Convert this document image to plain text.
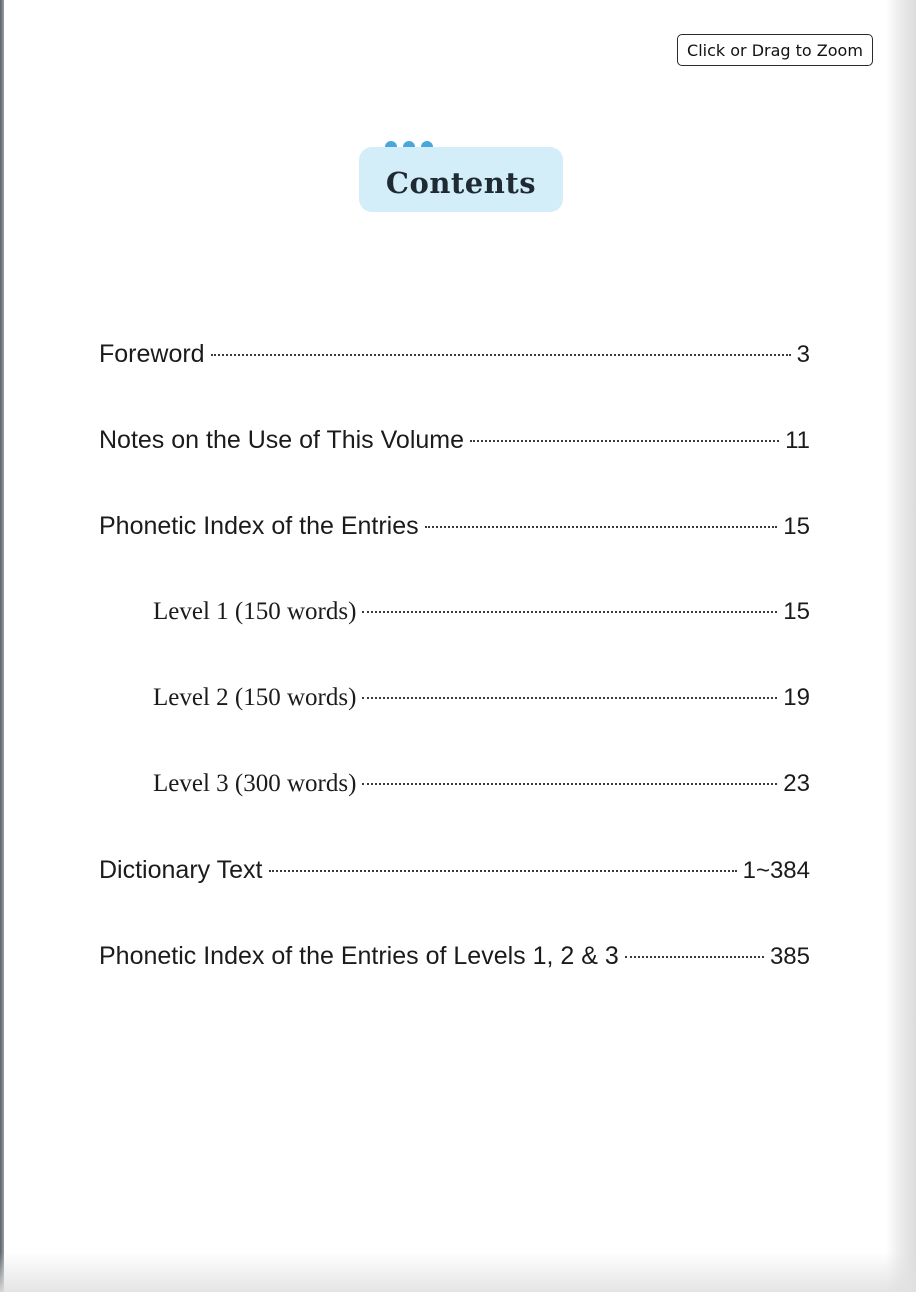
Click or Drag to Zoom
Contents
Foreword	3
Notes on the Use of This Volume	11
Phonetic Index of the Entries	15
Level 1 (150 words)	15
Level 2 (150 words)	19
Level 3 (300 words)	23
Dictionary Text	1~384
Phonetic Index of the Entries of Levels 1, 2 & 3	385
